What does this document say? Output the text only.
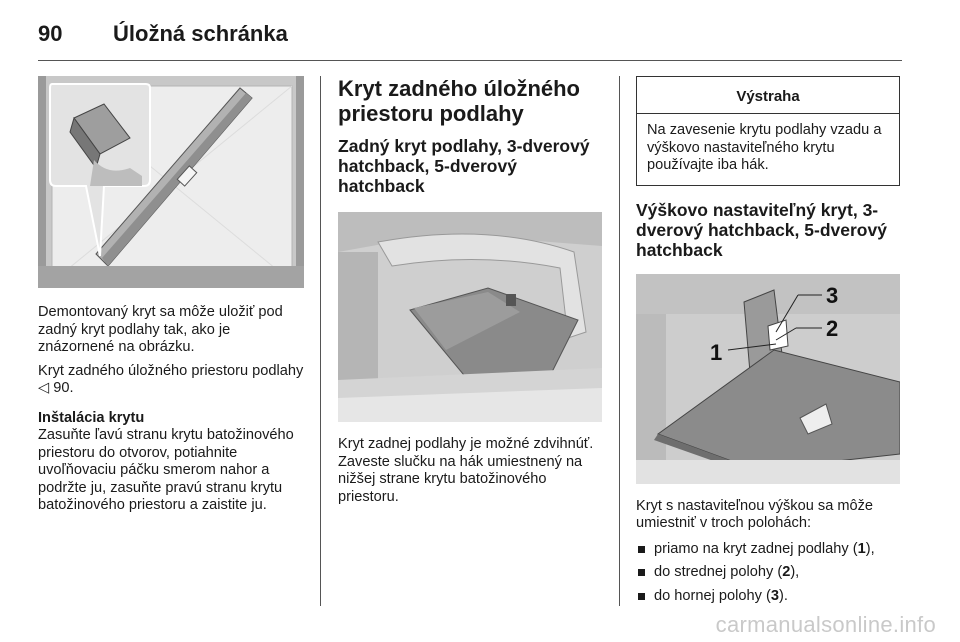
90	Úložná schránka

Demontovaný kryt sa môže uložiť pod zadný kryt podlahy tak, ako je znázornené na obrázku.

Kryt zadného úložného priestoru podlahy ◁ 90.

Inštalácia krytu

Zasuňte ľavú stranu krytu batožinového priestoru do otvorov, potiahnite uvoľňovaciu páčku smerom nahor a podržte ju, zasuňte pravú stranu krytu batožinového priestoru a zaistite ju.

Kryt zadného úložného priestoru podlahy
Zadný kryt podlahy, 3-dverový hatchback, 5-dverový hatchback

Kryt zadnej podlahy je možné zdvihnúť. Zaveste slučku na hák umiestnený na nižšej strane krytu batožinového priestoru.

Výstraha
Na zavesenie krytu podlahy vzadu a výškovo nastaviteľného krytu používajte iba hák.
Výškovo nastaviteľný kryt, 3-dverový hatchback, 5-dverový hatchback
3
2
1

Kryt s nastaviteľnou výškou sa môže umiestniť v troch polohách:

priamo na kryt zadnej podlahy (1),
do strednej polohy (2),
do hornej polohy (3).
carmanualsonline.info
